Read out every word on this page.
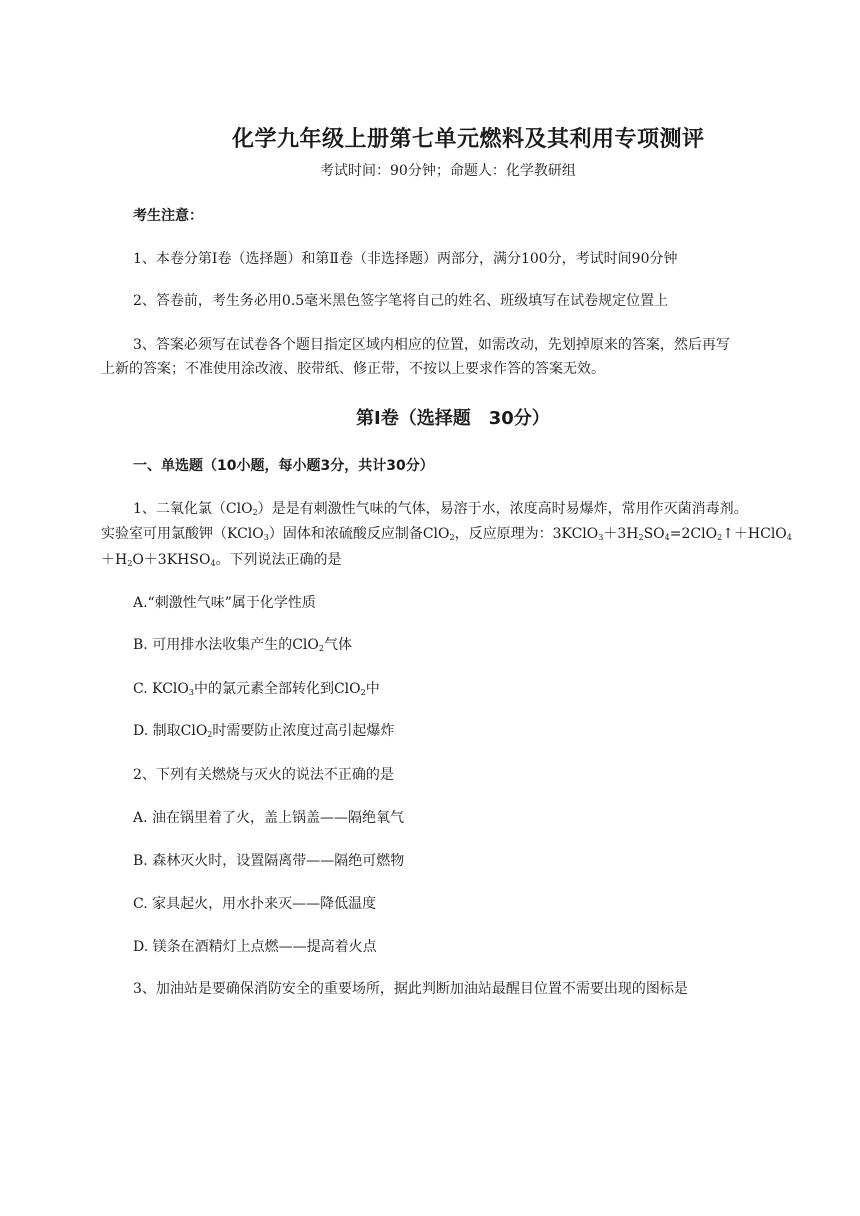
化学九年级上册第七单元燃料及其利用专项测评
考试时间：90分钟；命题人：化学教研组
考生注意：
1、本卷分第Ⅰ卷（选择题）和第Ⅱ卷（非选择题）两部分，满分100分，考试时间90分钟
2、答卷前，考生务必用0.5毫米黑色签字笔将自己的姓名、班级填写在试卷规定位置上
3、答案必须写在试卷各个题目指定区域内相应的位置，如需改动，先划掉原来的答案，然后再写
上新的答案；不准使用涂改液、胶带纸、修正带，不按以上要求作答的答案无效。
第Ⅰ卷（选择题　30分）
一、单选题（10小题，每小题3分，共计30分）
1、二氧化氯（ClO$_2$）是是有刺激性气味的气体，易溶于水，浓度高时易爆炸，常用作灭菌消毒剂。
实验室可用氯酸钾（KClO$_3$）固体和浓硫酸反应制备ClO$_2$，反应原理为：$3KClO_3+3H_2SO_4=2ClO_2↑+HClO_4$
$+H_2O+3KHSO_4$。下列说法正确的是
A.“刺激性气味”属于化学性质
B. 可用排水法收集产生的ClO$_2$气体
C. KClO$_3$中的氯元素全部转化到ClO$_2$中
D. 制取ClO$_2$时需要防止浓度过高引起爆炸
2、下列有关燃烧与灭火的说法不正确的是
A. 油在锅里着了火，盖上锅盖——隔绝氧气
B. 森林灭火时，设置隔离带——隔绝可燃物
C. 家具起火，用水扑来灭——降低温度
D. 镁条在酒精灯上点燃——提高着火点
3、加油站是要确保消防安全的重要场所，据此判断加油站最醒目位置不需要出现的图标是
